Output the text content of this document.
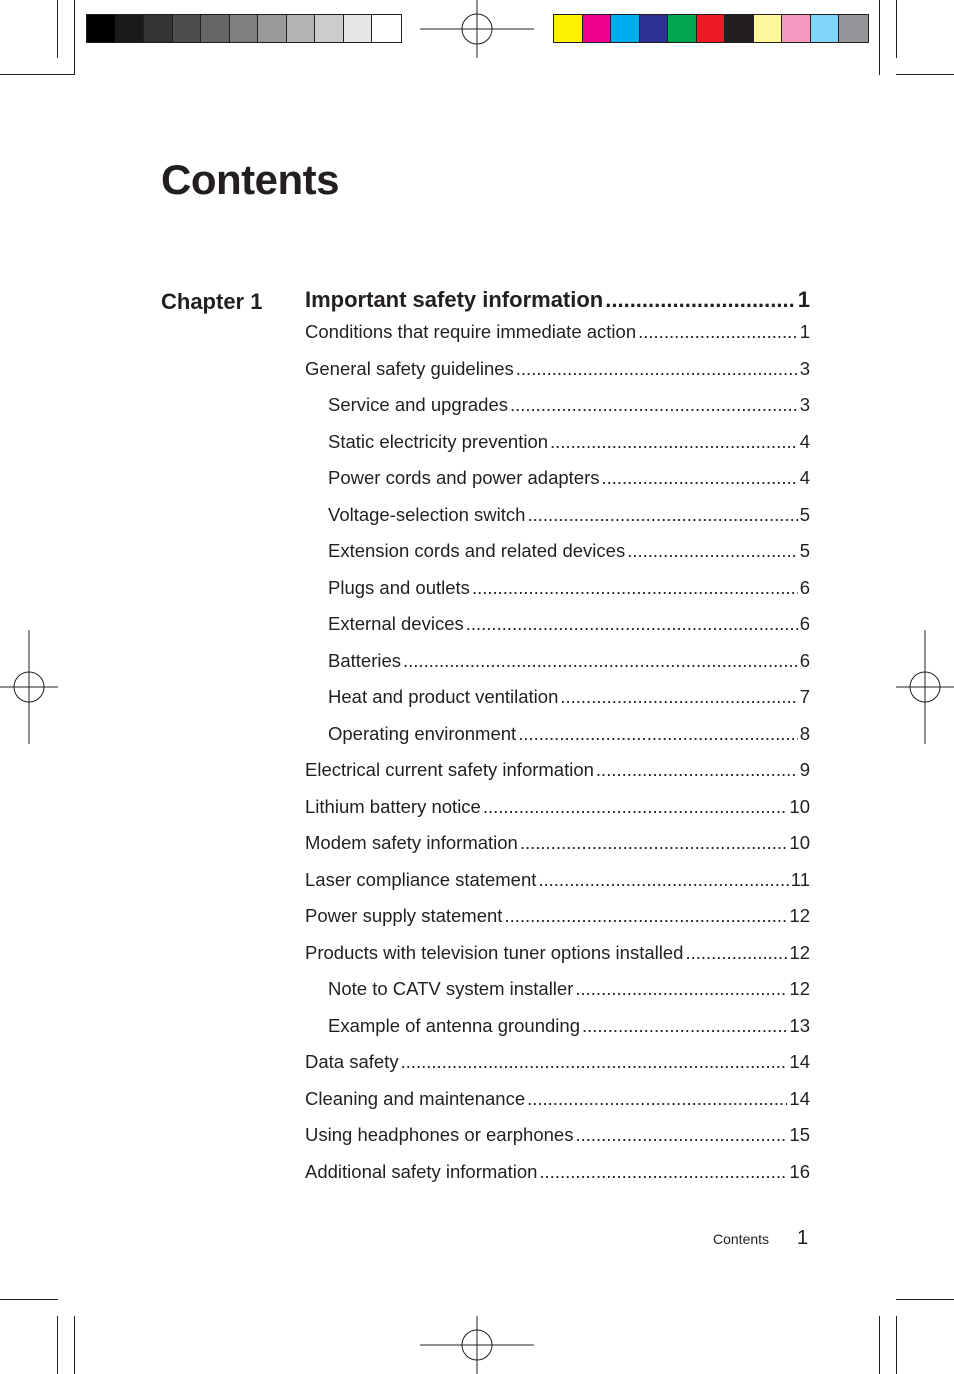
Contents
Chapter 1 Important safety information .....	1
Conditions that require immediate action .....	1
General safety guidelines .....	3
Service and upgrades .....	3
Static electricity prevention .....	4
Power cords and power adapters .....	4
Voltage-selection switch .....	5
Extension cords and related devices .....	5
Plugs and outlets .....	6
External devices .....	6
Batteries .....	6
Heat and product ventilation .....	7
Operating environment .....	8
Electrical current safety information .....	9
Lithium battery notice .....	10
Modem safety information .....	10
Laser compliance statement .....	11
Power supply statement .....	12
Products with television tuner options installed .....	12
Note to CATV system installer .....	12
Example of antenna grounding .....	13
Data safety .....	14
Cleaning and maintenance .....	14
Using headphones or earphones .....	15
Additional safety information .....	16
Contents 1
